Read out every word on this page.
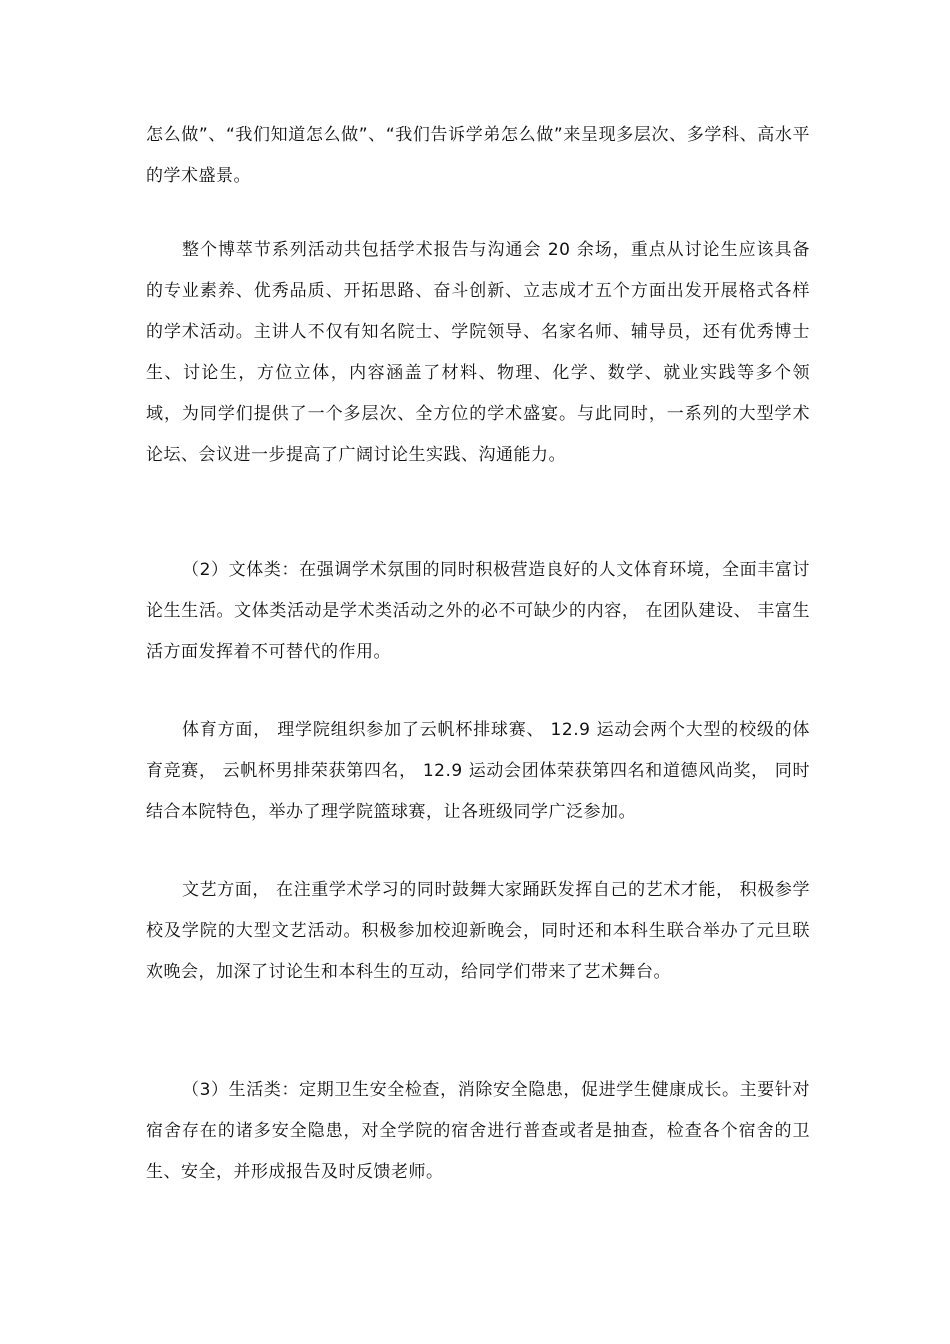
怎么做”、“我们知道怎么做”、“我们告诉学弟怎么做”来呈现多层次、多学科、高水平的学术盛景。

整个博萃节系列活动共包括学术报告与沟通会 20 余场，重点从讨论生应该具备的专业素养、优秀品质、开拓思路、奋斗创新、立志成才五个方面出发开展格式各样的学术活动。主讲人不仅有知名院士、学院领导、名家名师、辅导员，还有优秀博士生、讨论生，方位立体，内容涵盖了材料、物理、化学、数学、就业实践等多个领域，为同学们提供了一个多层次、全方位的学术盛宴。与此同时，一系列的大型学术论坛、会议进一步提高了广阔讨论生实践、沟通能力。

（2）文体类：在强调学术氛围的同时积极营造良好的人文体育环境，全面丰富讨论生生活。文体类活动是学术类活动之外的必不可缺少的内容， 在团队建设、 丰富生活方面发挥着不可替代的作用。

体育方面， 理学院组织参加了云帆杯排球赛、 12.9 运动会两个大型的校级的体育竞赛， 云帆杯男排荣获第四名， 12.9 运动会团体荣获第四名和道德风尚奖， 同时结合本院特色，举办了理学院篮球赛，让各班级同学广泛参加。

文艺方面， 在注重学术学习的同时鼓舞大家踊跃发挥自己的艺术才能， 积极参学校及学院的大型文艺活动。积极参加校迎新晚会，同时还和本科生联合举办了元旦联欢晚会，加深了讨论生和本科生的互动，给同学们带来了艺术舞台。

（3）生活类：定期卫生安全检查，消除安全隐患，促进学生健康成长。主要针对宿舍存在的诸多安全隐患，对全学院的宿舍进行普查或者是抽查，检查各个宿舍的卫生、安全，并形成报告及时反馈老师。
